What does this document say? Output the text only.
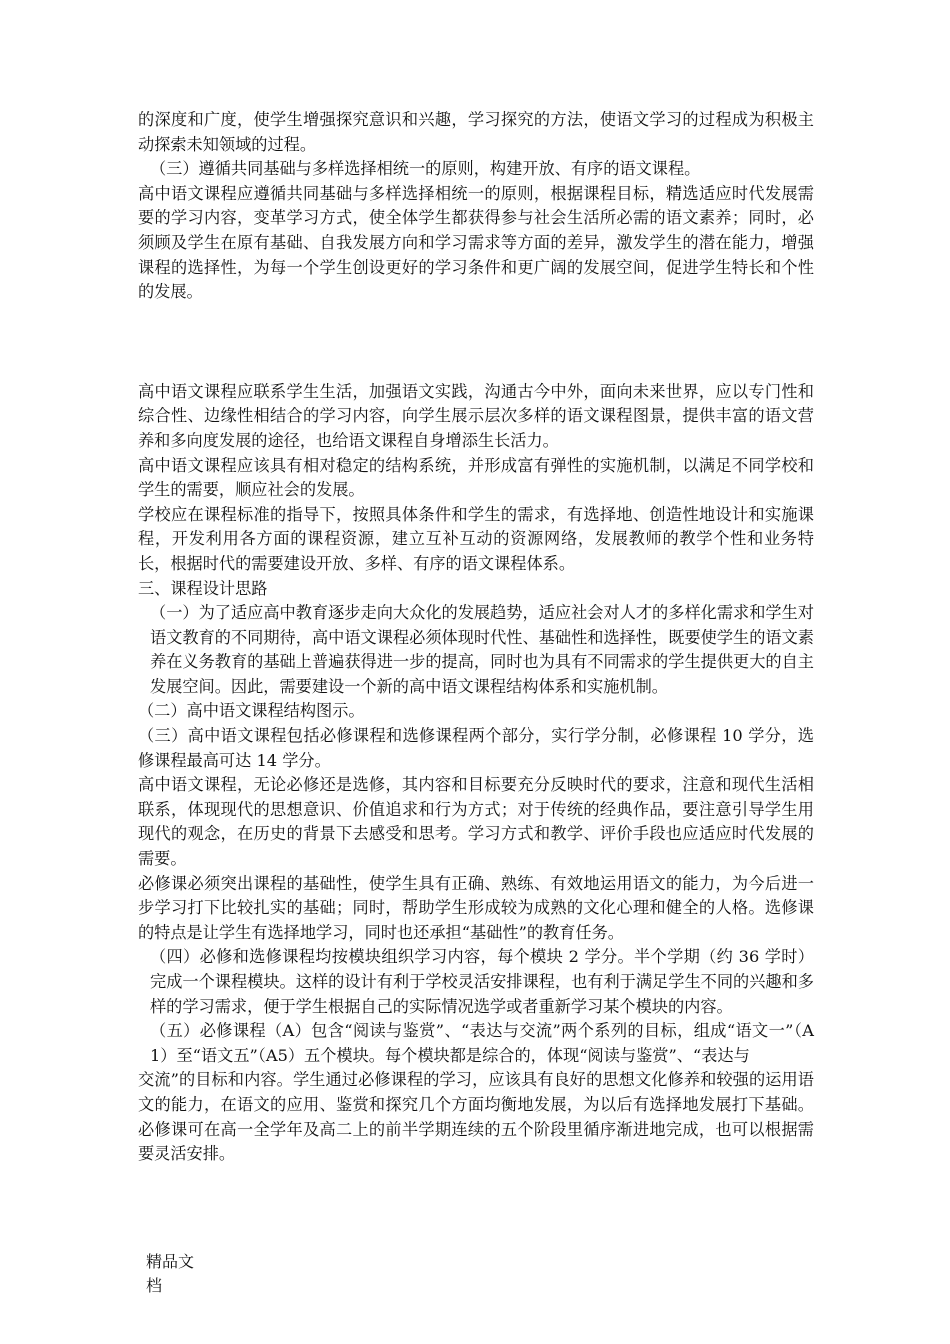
的深度和广度，使学生增强探究意识和兴趣，学习探究的方法，使语文学习的过程成为积极主动探索未知领域的过程。

（三）遵循共同基础与多样选择相统一的原则，构建开放、有序的语文课程。

高中语文课程应遵循共同基础与多样选择相统一的原则，根据课程目标，精选适应时代发展需要的学习内容，变革学习方式，使全体学生都获得参与社会生活所必需的语文素养；同时，必须顾及学生在原有基础、自我发展方向和学习需求等方面的差异，激发学生的潜在能力，增强课程的选择性，为每一个学生创设更好的学习条件和更广阔的发展空间，促进学生特长和个性的发展。

高中语文课程应联系学生生活，加强语文实践，沟通古今中外，面向未来世界，应以专门性和综合性、边缘性相结合的学习内容，向学生展示层次多样的语文课程图景，提供丰富的语文营养和多向度发展的途径，也给语文课程自身增添生长活力。

高中语文课程应该具有相对稳定的结构系统，并形成富有弹性的实施机制，以满足不同学校和学生的需要，顺应社会的发展。

学校应在课程标准的指导下，按照具体条件和学生的需求，有选择地、创造性地设计和实施课程，开发利用各方面的课程资源，建立互补互动的资源网络，发展教师的教学个性和业务特长，根据时代的需要建设开放、多样、有序的语文课程体系。

三、课程设计思路

（一）为了适应高中教育逐步走向大众化的发展趋势，适应社会对人才的多样化需求和学生对语文教育的不同期待，高中语文课程必须体现时代性、基础性和选择性，既要使学生的语文素养在义务教育的基础上普遍获得进一步的提高，同时也为具有不同需求的学生提供更大的自主发展空间。因此，需要建设一个新的高中语文课程结构体系和实施机制。

（二）高中语文课程结构图示。

（三）高中语文课程包括必修课程和选修课程两个部分，实行学分制，必修课程 10 学分，选修课程最高可达 14 学分。

高中语文课程，无论必修还是选修，其内容和目标要充分反映时代的要求，注意和现代生活相联系，体现现代的思想意识、价值追求和行为方式；对于传统的经典作品，要注意引导学生用现代的观念，在历史的背景下去感受和思考。学习方式和教学、评价手段也应适应时代发展的需要。

必修课必须突出课程的基础性，使学生具有正确、熟练、有效地运用语文的能力，为今后进一步学习打下比较扎实的基础；同时，帮助学生形成较为成熟的文化心理和健全的人格。选修课的特点是让学生有选择地学习，同时也还承担“基础性”的教育任务。

（四）必修和选修课程均按模块组织学习内容，每个模块 2 学分。半个学期（约 36 学时）完成一个课程模块。这样的设计有利于学校灵活安排课程，也有利于满足学生不同的兴趣和多样的学习需求，便于学生根据自己的实际情况选学或者重新学习某个模块的内容。

（五）必修课程（A）包含“阅读与鉴赏”、“表达与交流”两个系列的目标，组成“语文一”（A1）至“语文五”（A5）五个模块。每个模块都是综合的，体现“阅读与鉴赏”、“表达与

交流”的目标和内容。学生通过必修课程的学习，应该具有良好的思想文化修养和较强的运用语文的能力，在语文的应用、鉴赏和探究几个方面均衡地发展，为以后有选择地发展打下基础。必修课可在高一全学年及高二上的前半学期连续的五个阶段里循序渐进地完成，也可以根据需要灵活安排。

精品文档
